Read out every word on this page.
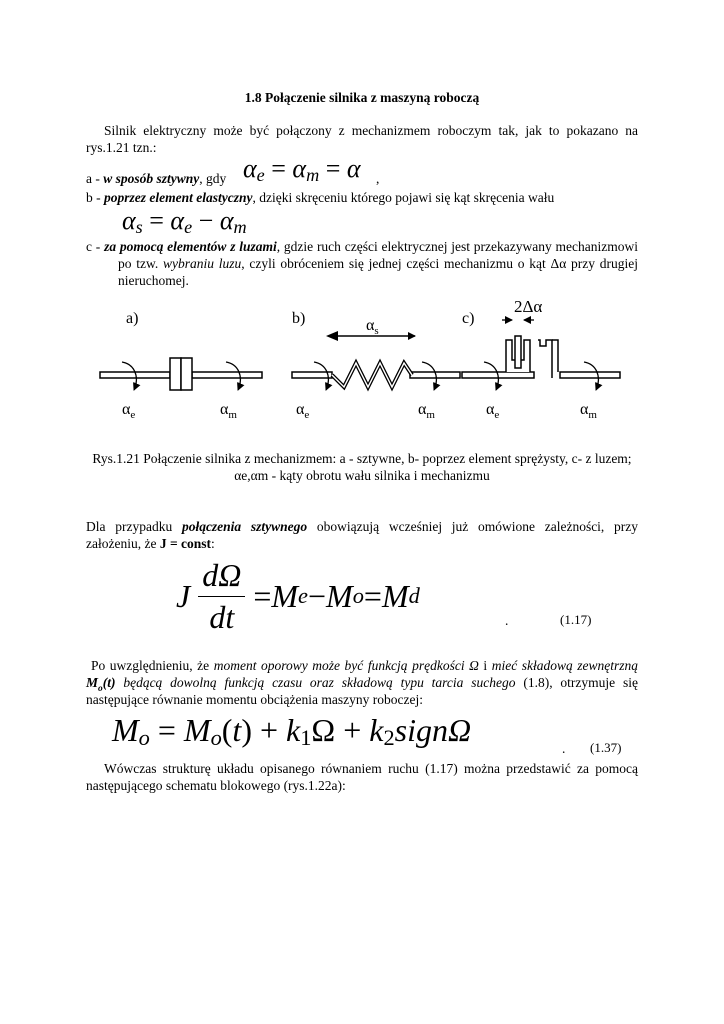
1.8 Połączenie silnika z maszyną roboczą
Silnik elektryczny może być połączony z mechanizmem roboczym tak, jak to pokazano na rys.1.21 tzn.:
a - w sposób sztywny, gdy $\alpha_e = \alpha_m = \alpha$ ,
b - poprzez element elastyczny, dzięki skręceniu którego pojawi się kąt skręcenia wału
$\alpha_s = \alpha_e - \alpha_m$
c - za pomocą elementów z luzami, gdzie ruch części elektrycznej jest przekazywany mechanizmowi po tzw. wybraniu luzu, czyli obróceniem się jednej części mechanizmu o kąt Δα przy drugiej nieruchomej.
a)	b)	c)
$\alpha_e$	$\alpha_m$	$\alpha_e$	$\alpha_m$	$\alpha_e$	$\alpha_m$
$\alpha_s$
2Δα
Rys.1.21 Połączenie silnika z mechanizmem: a - sztywne, b- poprzez element sprężysty, c- z luzem; αe,αm - kąty obrotu wału silnika i mechanizmu
Dla przypadku połączenia sztywnego obowiązują wcześniej już omówione zależności, przy założeniu, że J = const:
J $\frac{d\Omega}{dt}$
= M e − M o = M d
.	(1.17)
Po uwzględnieniu, że moment oporowy może być funkcją prędkości Ω i mieć składową zewnętrzną $M_o(t)$ będącą dowolną funkcją czasu oraz składową typu tarcia suchego (1.8), otrzymuje się następujące równanie momentu obciążenia maszyny roboczej:
$M_o = M_o(t) + k_1\Omega$ + $k_2sign\Omega$
. (1.37)
Wówczas strukturę układu opisanego równaniem ruchu (1.17) można przedstawić za pomocą następującego schematu blokowego (rys.1.22a):
